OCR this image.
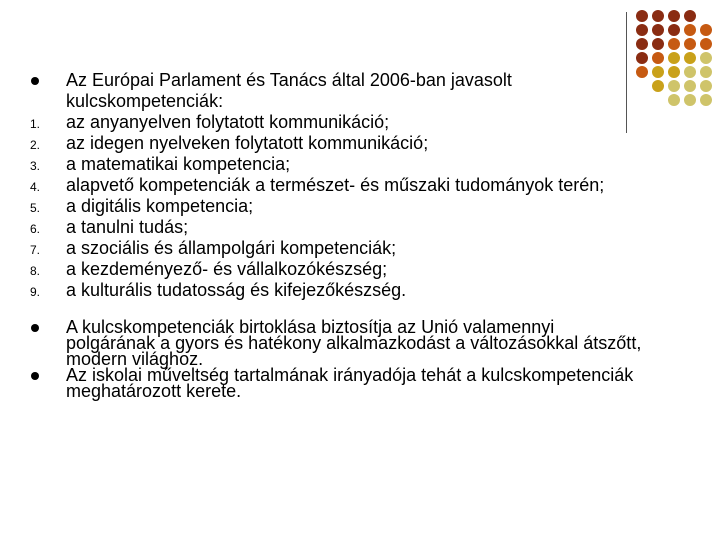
Az Európai Parlament és Tanács által 2006-ban javasolt
kulcskompetenciák:
1.	az anyanyelven folytatott kommunikáció;
2.	az idegen nyelveken folytatott kommunikáció;
3.	a matematikai kompetencia;
4.	alapvető kompetenciák a természet- és műszaki tudományok terén;
5.	a digitális kompetencia;
6.	a tanulni tudás;
7.	a szociális és állampolgári kompetenciák;
8.	a kezdeményező- és vállalkozókészség;
9.	a kulturális tudatosság és kifejezőkészség.
A kulcskompetenciák birtoklása biztosítja az Unió valamennyi
polgárának a gyors és hatékony alkalmazkodást a változásokkal átszőtt,
modern világhoz.
Az iskolai műveltség tartalmának irányadója tehát a kulcskompetenciák
meghatározott kerete.
